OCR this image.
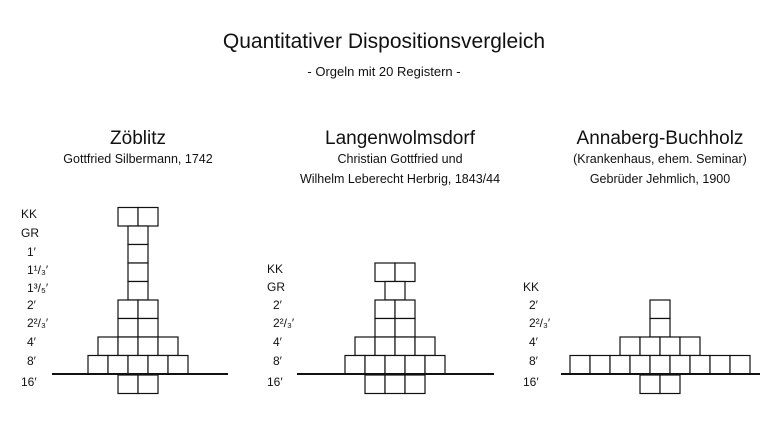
Quantitativer Dispositionsvergleich
- Orgeln mit 20 Registern -
Zöblitz
Gottfried Silbermann, 1742
Langenwolmsdorf
Christian Gottfried und
Wilhelm Leberecht Herbrig, 1843/44
Annaberg-Buchholz
(Krankenhaus, ehem. Seminar)
Gebrüder Jehmlich, 1900
KK
GR
1′
1¹/₃′
1³/₅′
2′
2²/₃′
4′
8′
16′
KK
GR
2′
2²/₃′
4′
8′
16′
KK
2′
2²/₃′
4′
8′
16′
